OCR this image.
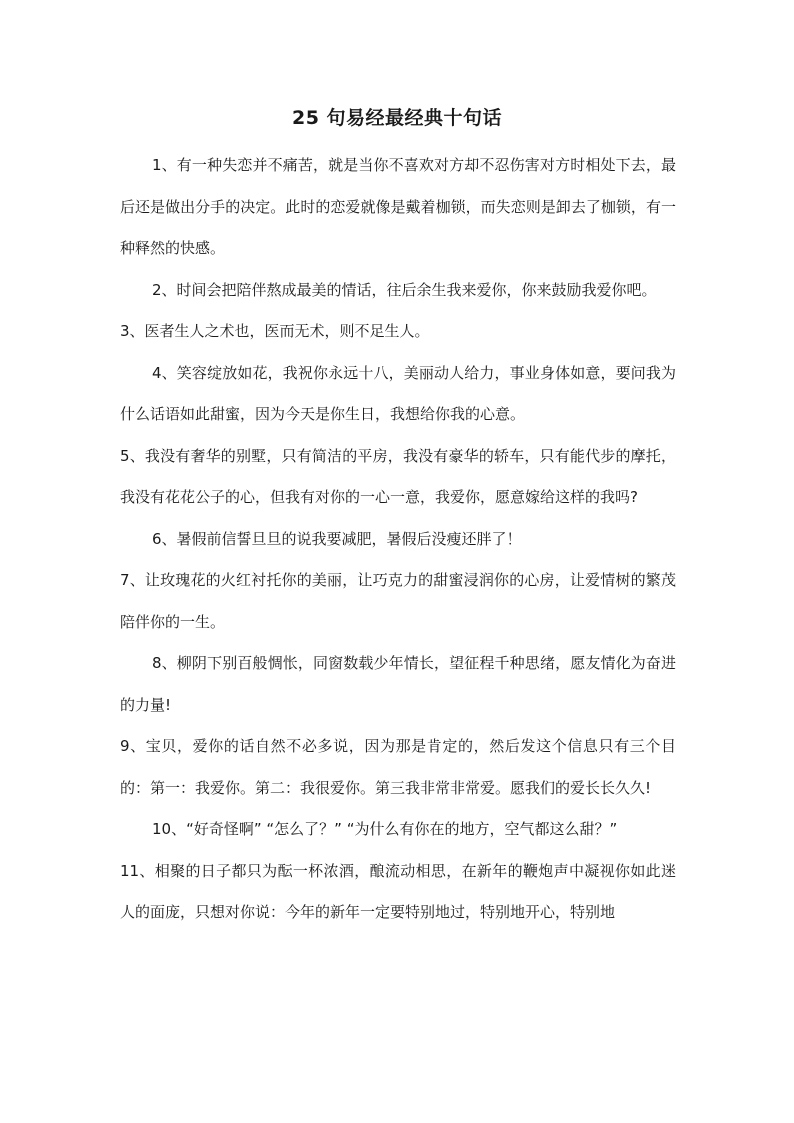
25 句易经最经典十句话

1、有一种失恋并不痛苦，就是当你不喜欢对方却不忍伤害对方时相处下去，最后还是做出分手的决定。此时的恋爱就像是戴着枷锁，而失恋则是卸去了枷锁，有一种释然的快感。

2、时间会把陪伴熬成最美的情话，往后余生我来爱你，你来鼓励我爱你吧。

3、医者生人之术也，医而无术，则不足生人。

4、笑容绽放如花，我祝你永远十八，美丽动人给力，事业身体如意，要问我为什么话语如此甜蜜，因为今天是你生日，我想给你我的心意。

5、我没有奢华的别墅，只有简洁的平房，我没有豪华的轿车，只有能代步的摩托，我没有花花公子的心，但我有对你的一心一意，我爱你，愿意嫁给这样的我吗?

6、暑假前信誓旦旦的说我要减肥，暑假后没瘦还胖了！

7、让玫瑰花的火红衬托你的美丽，让巧克力的甜蜜浸润你的心房，让爱情树的繁茂陪伴你的一生。

8、柳阴下别百般惆怅，同窗数载少年情长，望征程千种思绪，愿友情化为奋进的力量!

9、宝贝，爱你的话自然不必多说，因为那是肯定的，然后发这个信息只有三个目的：第一：我爱你。第二：我很爱你。第三我非常非常爱。愿我们的爱长长久久!

10、“好奇怪啊” “怎么了？” “为什么有你在的地方，空气都这么甜？”

11、相聚的日子都只为酝一杯浓酒，酿流动相思，在新年的鞭炮声中凝视你如此迷人的面庞，只想对你说：今年的新年一定要特别地过，特别地开心，特别地
